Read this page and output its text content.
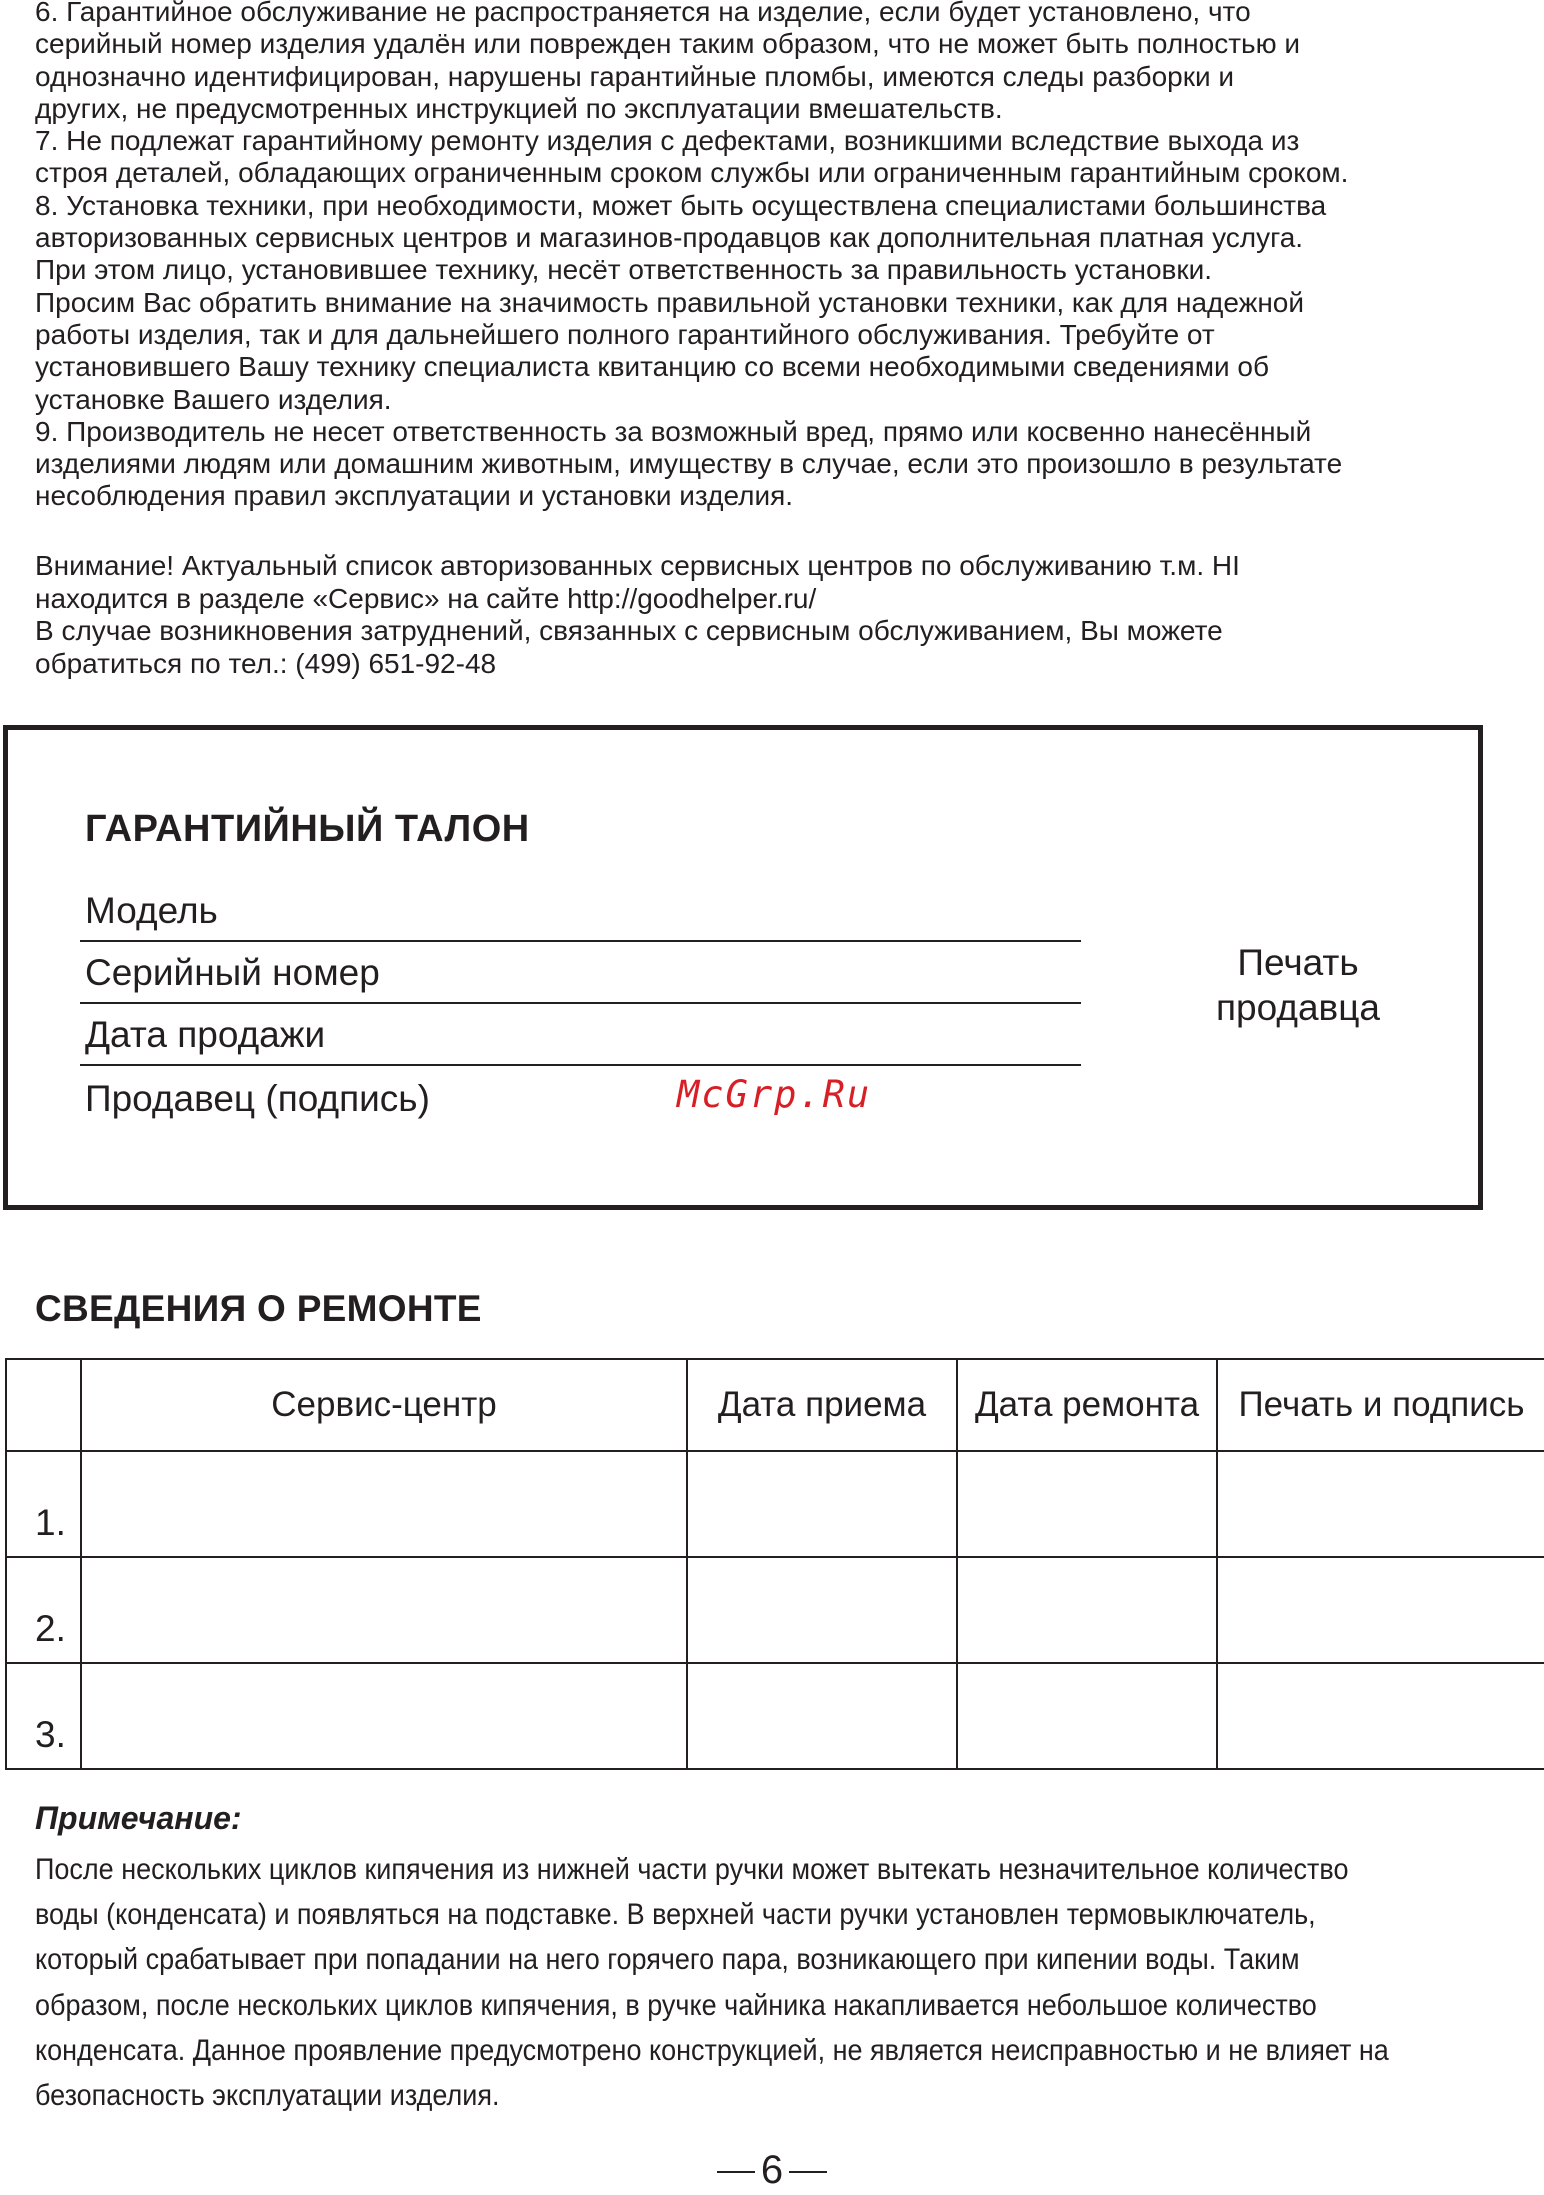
6. Гарантийное обслуживание не распространяется на изделие, если будет установлено, что

серийный номер изделия удалён или поврежден таким образом, что не может быть полностью и

однозначно идентифицирован, нарушены гарантийные пломбы, имеются следы разборки и

других, не предусмотренных инструкцией по эксплуатации вмешательств.

7. Не подлежат гарантийному ремонту изделия с дефектами, возникшими вследствие выхода из

строя деталей, обладающих ограниченным сроком службы или ограниченным гарантийным сроком.

8. Установка техники, при необходимости, может быть осуществлена специалистами большинства

авторизованных сервисных центров и магазинов-продавцов как дополнительная платная услуга.

При этом лицо, установившее технику, несёт ответственность за правильность установки.

Просим Вас обратить внимание на значимость правильной установки техники, как для надежной

работы изделия, так и для дальнейшего полного гарантийного обслуживания. Требуйте от

установившего Вашу технику специалиста квитанцию со всеми необходимыми сведениями об

установке Вашего изделия.

9. Производитель не несет ответственность за возможный вред, прямо или косвенно нанесённый

изделиями людям или домашним животным, имуществу в случае, если это произошло в результате

несоблюдения правил эксплуатации и установки изделия.

Внимание! Актуальный список авторизованных сервисных центров по обслуживанию т.м. HI

находится в разделе «Сервис» на сайте http://goodhelper.ru/

В случае возникновения затруднений, связанных с сервисным обслуживанием, Вы можете

обратиться по тел.: (499) 651-92-48

ГАРАНТИЙНЫЙ ТАЛОН
Модель
Серийный номер
Дата продажи
Продавец (подпись)
Печать
продавца
McGrp.Ru
СВЕДЕНИЯ О РЕМОНТЕ
	Сервис-центр	Дата приема	Дата ремонта	Печать и подпись
1.				
2.				
3.				
Примечание:

После нескольких циклов кипячения из нижней части ручки может вытекать незначительное количество

воды (конденсата) и появляться на подставке. В верхней части ручки установлен термовыключатель,

который срабатывает при попадании на него горячего пара, возникающего при кипении воды. Таким

образом, после нескольких циклов кипячения, в ручке чайника накапливается небольшое количество

конденсата. Данное проявление предусмотрено конструкцией, не является неисправностью и не влияет на

безопасность эксплуатации изделия.

6
